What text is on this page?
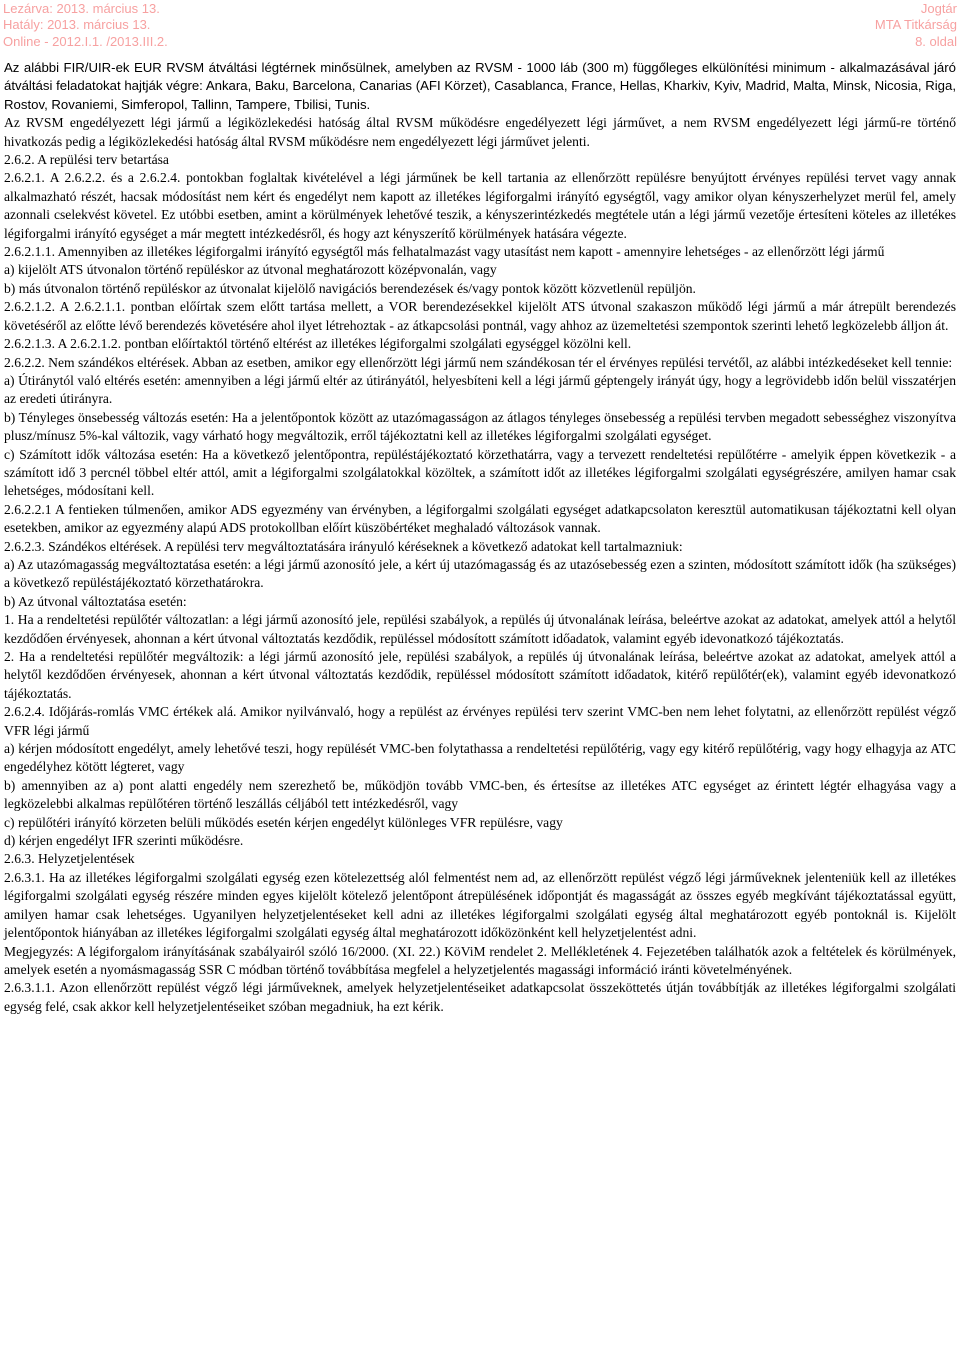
Lezárva: 2013. március 13.
Hatály: 2013. március 13.
Online - 2012.I.1. /2013.III.2.
Jogtár
MTA Titkárság
8. oldal

Az alábbi FIR/UIR-ek EUR RVSM átváltási légtérnek minősülnek, amelyben az RVSM - 1000 láb (300 m) függőleges elkülönítési minimum - alkalmazásával járó átváltási feladatokat hajtják végre: Ankara, Baku, Barcelona, Canarias (AFI Körzet), Casablanca, France, Hellas, Kharkiv, Kyiv, Madrid, Malta, Minsk, Nicosia, Riga, Rostov, Rovaniemi, Simferopol, Tallinn, Tampere, Tbilisi, Tunis.

Az RVSM engedélyezett légi jármű a légiközlekedési hatóság által RVSM működésre engedélyezett légi járművet, a nem RVSM engedélyezett légi jármű-re történő hivatkozás pedig a légiközlekedési hatóság által RVSM működésre nem engedélyezett légi járművet jelenti.

2.6.2. A repülési terv betartása

2.6.2.1. A 2.6.2.2. és a 2.6.2.4. pontokban foglaltak kivételével a légi járműnek be kell tartania az ellenőrzött repülésre benyújtott érvényes repülési tervet vagy annak alkalmazható részét, hacsak módosítást nem kért és engedélyt nem kapott az illetékes légiforgalmi irányító egységtől, vagy amikor olyan kényszerhelyzet merül fel, amely azonnali cselekvést követel. Ez utóbbi esetben, amint a körülmények lehetővé teszik, a kényszerintézkedés megtétele után a légi jármű vezetője értesíteni köteles az illetékes légiforgalmi irányító egységet a már megtett intézkedésről, és hogy azt kényszerítő körülmények hatására végezte.

2.6.2.1.1. Amennyiben az illetékes légiforgalmi irányító egységtől más felhatalmazást vagy utasítást nem kapott - amennyire lehetséges - az ellenőrzött légi jármű

a) kijelölt ATS útvonalon történő repüléskor az útvonal meghatározott középvonalán, vagy

b) más útvonalon történő repüléskor az útvonalat kijelölő navigációs berendezések és/vagy pontok között közvetlenül repüljön.

2.6.2.1.2. A 2.6.2.1.1. pontban előírtak szem előtt tartása mellett, a VOR berendezésekkel kijelölt ATS útvonal szakaszon működő légi jármű a már átrepült berendezés követéséről az előtte lévő berendezés követésére ahol ilyet létrehoztak - az átkapcsolási pontnál, vagy ahhoz az üzemeltetési szempontok szerinti lehető legközelebb álljon át.

2.6.2.1.3. A 2.6.2.1.2. pontban előírtaktól történő eltérést az illetékes légiforgalmi szolgálati egységgel közölni kell.

2.6.2.2. Nem szándékos eltérések. Abban az esetben, amikor egy ellenőrzött légi jármű nem szándékosan tér el érvényes repülési tervétől, az alábbi intézkedéseket kell tennie:

a) Útiránytól való eltérés esetén: amennyiben a légi jármű eltér az útirányától, helyesbíteni kell a légi jármű géptengely irányát úgy, hogy a legrövidebb időn belül visszatérjen az eredeti útirányra.

b) Tényleges önsebesség változás esetén: Ha a jelentőpontok között az utazómagasságon az átlagos tényleges önsebesség a repülési tervben megadott sebességhez viszonyítva plusz/mínusz 5%-kal változik, vagy várható hogy megváltozik, erről tájékoztatni kell az illetékes légiforgalmi szolgálati egységet.

c) Számított idők változása esetén: Ha a következő jelentőpontra, repüléstájékoztató körzethatárra, vagy a tervezett rendeltetési repülőtérre - amelyik éppen következik - a számított idő 3 percnél többel eltér attól, amit a légiforgalmi szolgálatokkal közöltek, a számított időt az illetékes légiforgalmi szolgálati egységrészére, amilyen hamar csak lehetséges, módosítani kell.

2.6.2.2.1 A fentieken túlmenően, amikor ADS egyezmény van érvényben, a légiforgalmi szolgálati egységet adatkapcsolaton keresztül automatikusan tájékoztatni kell olyan esetekben, amikor az egyezmény alapú ADS protokollban előírt küszöbértéket meghaladó változások vannak.

2.6.2.3. Szándékos eltérések. A repülési terv megváltoztatására irányuló kéréseknek a következő adatokat kell tartalmazniuk:

a) Az utazómagasság megváltoztatása esetén: a légi jármű azonosító jele, a kért új utazómagasság és az utazósebesség ezen a szinten, módosított számított idők (ha szükséges) a következő repüléstájékoztató körzethatárokra.

b) Az útvonal változtatása esetén:

1. Ha a rendeltetési repülőtér változatlan: a légi jármű azonosító jele, repülési szabályok, a repülés új útvonalának leírása, beleértve azokat az adatokat, amelyek attól a helytől kezdődően érvényesek, ahonnan a kért útvonal változtatás kezdődik, repüléssel módosított számított időadatok, valamint egyéb idevonatkozó tájékoztatás.

2. Ha a rendeltetési repülőtér megváltozik: a légi jármű azonosító jele, repülési szabályok, a repülés új útvonalának leírása, beleértve azokat az adatokat, amelyek attól a helytől kezdődően érvényesek, ahonnan a kért útvonal változtatás kezdődik, repüléssel módosított számított időadatok, kitérő repülőtér(ek), valamint egyéb idevonatkozó tájékoztatás.

2.6.2.4. Időjárás-romlás VMC értékek alá. Amikor nyilvánvaló, hogy a repülést az érvényes repülési terv szerint VMC-ben nem lehet folytatni, az ellenőrzött repülést végző VFR légi jármű

a) kérjen módosított engedélyt, amely lehetővé teszi, hogy repülését VMC-ben folytathassa a rendeltetési repülőtérig, vagy egy kitérő repülőtérig, vagy hogy elhagyja az ATC engedélyhez kötött légteret, vagy

b) amennyiben az a) pont alatti engedély nem szerezhető be, működjön tovább VMC-ben, és értesítse az illetékes ATC egységet az érintett légtér elhagyása vagy a legközelebbi alkalmas repülőtéren történő leszállás céljából tett intézkedésről, vagy

c) repülőtéri irányító körzeten belüli működés esetén kérjen engedélyt különleges VFR repülésre, vagy

d) kérjen engedélyt IFR szerinti működésre.

2.6.3. Helyzetjelentések

2.6.3.1. Ha az illetékes légiforgalmi szolgálati egység ezen kötelezettség alól felmentést nem ad, az ellenőrzött repülést végző légi járműveknek jelenteniük kell az illetékes légiforgalmi szolgálati egység részére minden egyes kijelölt kötelező jelentőpont átrepülésének időpontját és magasságát az összes egyéb megkívánt tájékoztatással együtt, amilyen hamar csak lehetséges. Ugyanilyen helyzetjelentéseket kell adni az illetékes légiforgalmi szolgálati egység által meghatározott egyéb pontoknál is. Kijelölt jelentőpontok hiányában az illetékes légiforgalmi szolgálati egység által meghatározott időközönként kell helyzetjelentést adni.

Megjegyzés: A légiforgalom irányításának szabályairól szóló 16/2000. (XI. 22.) KöViM rendelet 2. Mellékletének 4. Fejezetében találhatók azok a feltételek és körülmények, amelyek esetén a nyomásmagasság SSR C módban történő továbbítása megfelel a helyzetjelentés magassági információ iránti követelményének.

2.6.3.1.1. Azon ellenőrzött repülést végző légi járműveknek, amelyek helyzetjelentéseiket adatkapcsolat összeköttetés útján továbbítják az illetékes légiforgalmi szolgálati egység felé, csak akkor kell helyzetjelentéseiket szóban megadniuk, ha ezt kérik.
